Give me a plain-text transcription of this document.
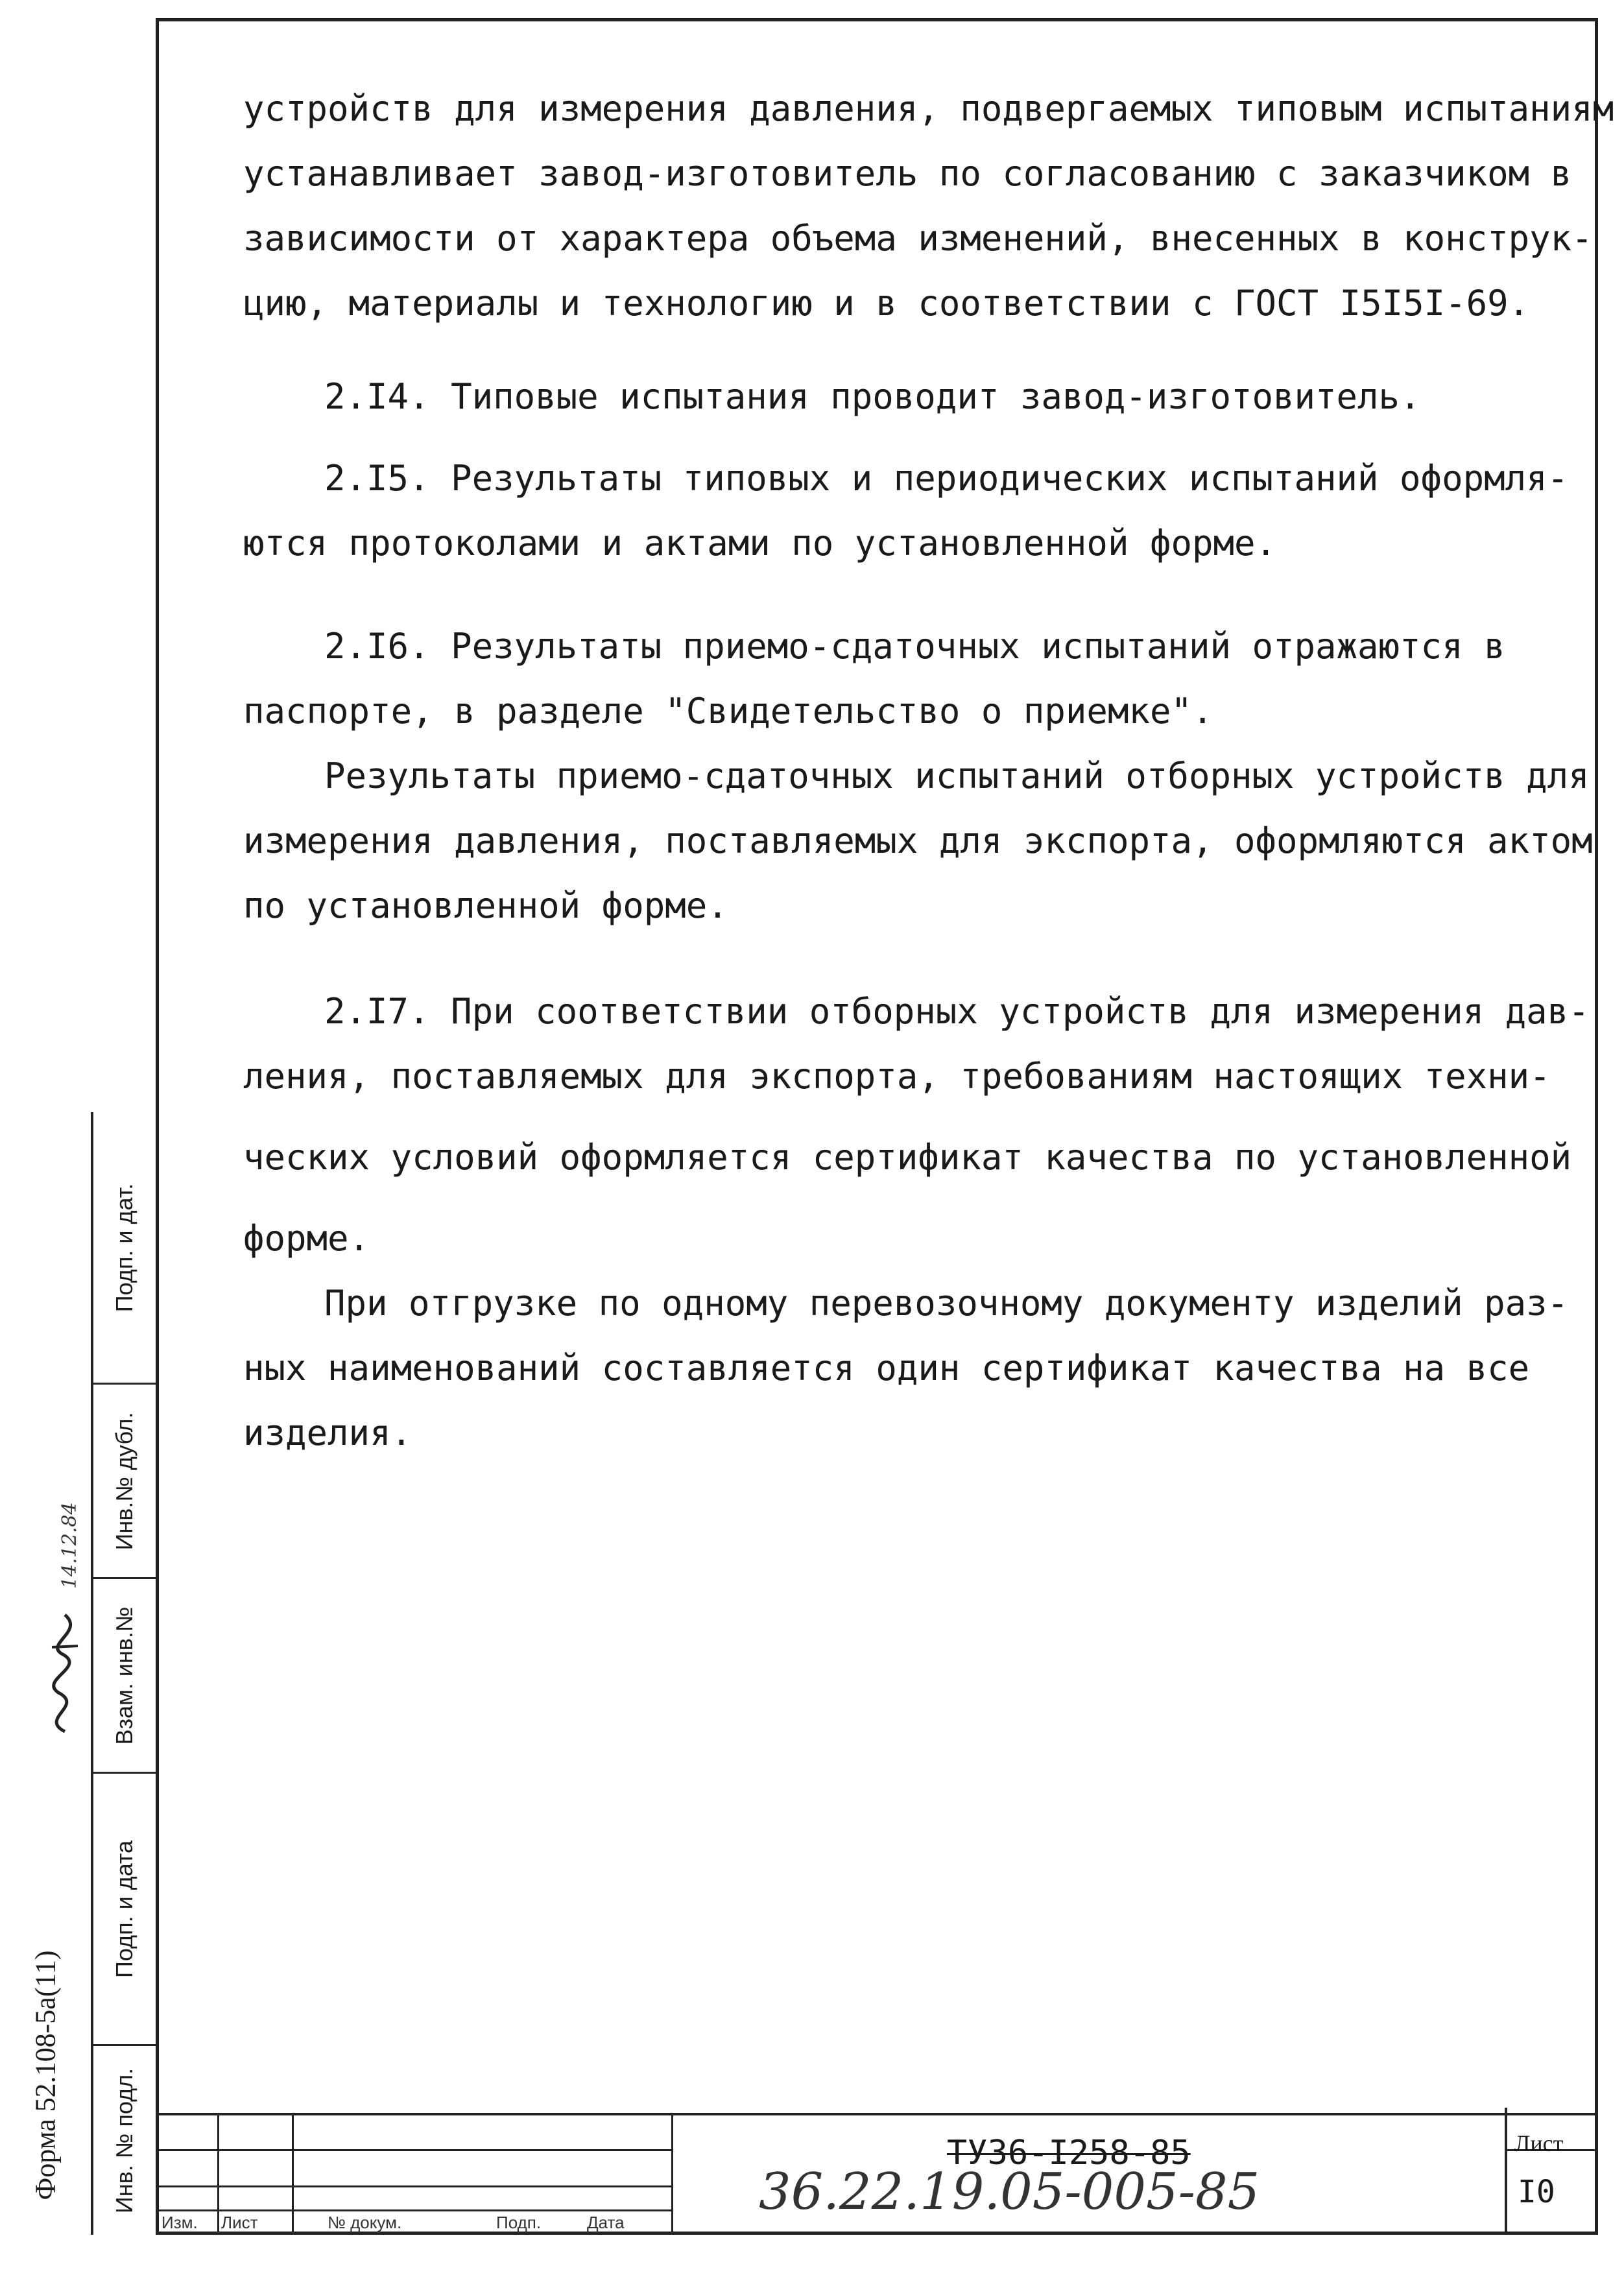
устройств для измерения давления, подвергаемых типовым испытаниям
устанавливает завод-изготовитель по согласованию с заказчиком в
зависимости от характера объема изменений, внесенных в конструк-
цию, материалы и технологию и в соответствии с ГОСТ I5I5I-69.
2.I4. Типовые испытания проводит завод-изготовитель.
2.I5. Результаты типовых и периодических испытаний оформля-
ются протоколами и актами по установленной форме.
2.I6. Результаты приемо-сдаточных испытаний отражаются в
паспорте, в разделе "Свидетельство о приемке".
Результаты приемо-сдаточных испытаний отборных устройств для
измерения давления, поставляемых для экспорта, оформляются актом
по установленной форме.
2.I7. При соответствии отборных устройств для измерения дав-
ления, поставляемых для экспорта, требованиям настоящих техни-
ческих условий оформляется сертификат качества по установленной
форме.
При отгрузке по одному перевозочному документу изделий раз-
ных наименований составляется один сертификат качества на все
изделия.
Подп. и дат.
Инв.№ дубл.
Взам. инв.№
Подп. и дата
Инв. № подл.
Форма 52.108-5а(11)
14.12.84
Изм. Лист	№ докум.	Подп.	Дата
ТУ36-I258-85
36.22.19.05-005-85
Лист
I0
